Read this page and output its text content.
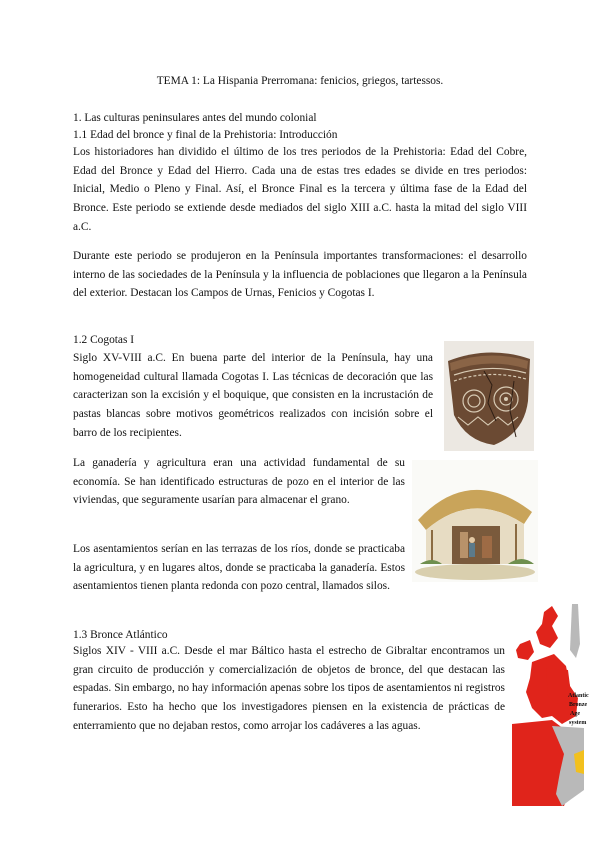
TEMA 1: La Hispania Prerromana: fenicios, griegos, tartessos.

1. Las culturas peninsulares antes del mundo colonial

1.1 Edad del bronce y final de la Prehistoria: Introducción

Los historiadores han dividido el último de los tres periodos de la Prehistoria: Edad del Cobre, Edad del Bronce y Edad del Hierro. Cada una de estas tres edades se divide en tres periodos: Inicial, Medio o Pleno y Final. Así, el Bronce Final es la tercera y última fase de la Edad del Bronce. Este periodo se extiende desde mediados del siglo XIII a.C. hasta la mitad del siglo VIII a.C.

Durante este periodo se produjeron en la Península importantes transformaciones: el desarrollo interno de las sociedades de la Península y la influencia de poblaciones que llegaron a la Península del exterior. Destacan los Campos de Urnas, Fenicios y Cogotas I.

1.2 Cogotas I

Siglo XV-VIII a.C. En buena parte del interior de la Península, hay una homogeneidad cultural llamada Cogotas I. Las técnicas de decoración que las caracterizan son la excisión y el boquique, que consisten en la incrustación de pastas blancas sobre motivos geométricos realizados con incisión sobre el barro de los recipientes.

La ganadería y agricultura eran una actividad fundamental de su economía. Se han identificado estructuras de pozo en el interior de las viviendas, que seguramente usarían para almacenar el grano.

Los asentamientos serían en las terrazas de los ríos, donde se practicaba la agricultura, y en lugares altos, donde se practicaba la ganadería. Estos asentamientos tienen planta redonda con pozo central, llamados silos.

1.3 Bronce Atlántico

Siglos XIV - VIII a.C. Desde el mar Báltico hasta el estrecho de Gibraltar encontramos un gran circuito de producción y comercialización de objetos de bronce, del que destacan las espadas. Sin embargo, no hay información apenas sobre los tipos de asentamientos ni registros funerarios. Esto ha hecho que los investigadores piensen en la existencia de prácticas de enterramiento que no dejaban restos, como arrojar los cadáveres a las aguas.

Atlantic
Bronze
Age
system
